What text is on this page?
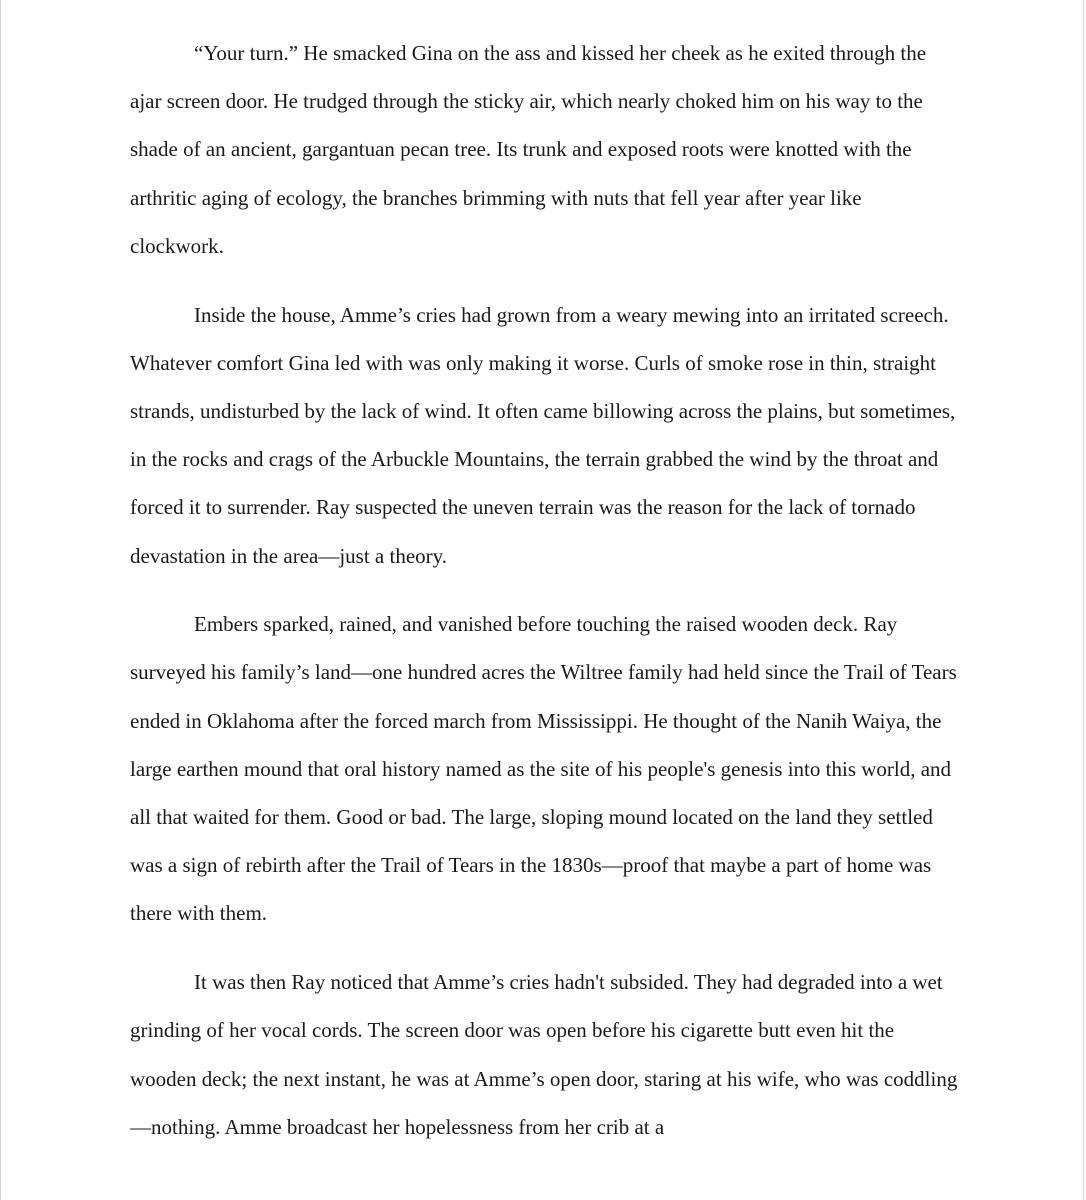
“Your turn.” He smacked Gina on the ass and kissed her cheek as he exited through the ajar screen door. He trudged through the sticky air, which nearly choked him on his way to the shade of an ancient, gargantuan pecan tree. Its trunk and exposed roots were knotted with the arthritic aging of ecology, the branches brimming with nuts that fell year after year like clockwork.

Inside the house, Amme’s cries had grown from a weary mewing into an irritated screech. Whatever comfort Gina led with was only making it worse. Curls of smoke rose in thin, straight strands, undisturbed by the lack of wind. It often came billowing across the plains, but sometimes, in the rocks and crags of the Arbuckle Mountains, the terrain grabbed the wind by the throat and forced it to surrender. Ray suspected the uneven terrain was the reason for the lack of tornado devastation in the area—just a theory.

Embers sparked, rained, and vanished before touching the raised wooden deck. Ray surveyed his family’s land—one hundred acres the Wiltree family had held since the Trail of Tears ended in Oklahoma after the forced march from Mississippi. He thought of the Nanih Waiya, the large earthen mound that oral history named as the site of his people's genesis into this world, and all that waited for them. Good or bad. The large, sloping mound located on the land they settled was a sign of rebirth after the Trail of Tears in the 1830s—proof that maybe a part of home was there with them.

It was then Ray noticed that Amme’s cries hadn't subsided. They had degraded into a wet grinding of her vocal cords. The screen door was open before his cigarette butt even hit the wooden deck; the next instant, he was at Amme’s open door, staring at his wife, who was coddling—nothing. Amme broadcast her hopelessness from her crib at a
